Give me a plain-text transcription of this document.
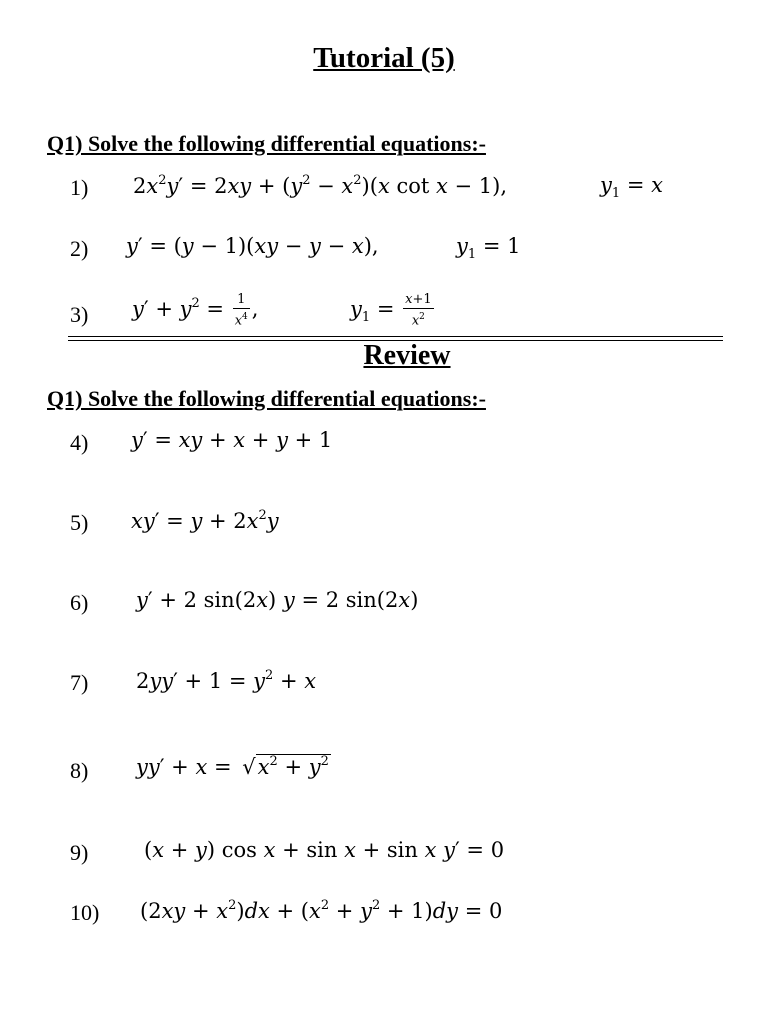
Tutorial (5)
Q1) Solve the following differential equations:-
1) $2x^2y' = 2xy + (y^2 - x^2)(x$ cot x − 1),	$y_1 = x$
2) y′ = (y − 1)(xy − y − x),	$y_1 = 1$
3) $y' + y^2 = \frac{1}{x^4}$ ,	$y_1 = \frac{x+1}{x^2}$
Review
Q1) Solve the following differential equations:-
4) y′ = xy + x + y + 1
5) $xy' = y + 2x^2y$
6) y′ + 2 sin(2x) y = 2 sin(2x)
7) $2yy' + 1 = y^2 + x$
8) $yy' + x = √x^2 + y^2$
9)	(x + y) cos x + sin x + sin x y′ = 0
10) $(2xy + x^2)dx + (x^2 + y^2 + 1)dy = 0$
